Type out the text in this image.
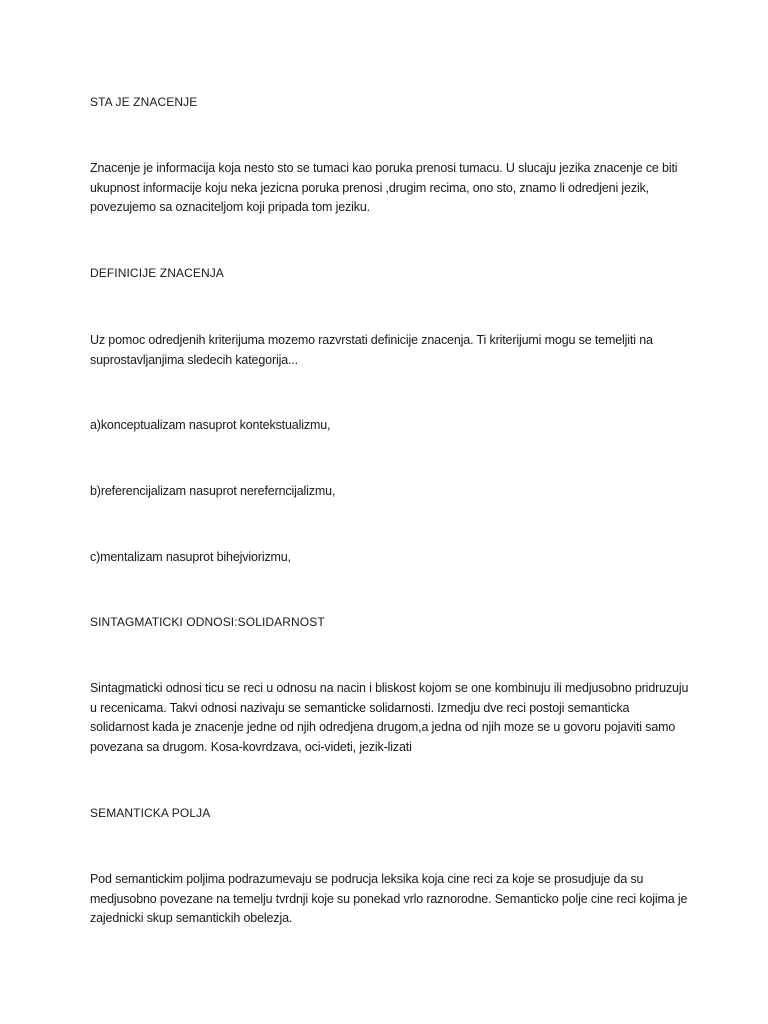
STA JE ZNACENJE

Znacenje je informacija koja nesto sto se tumaci kao poruka prenosi tumacu. U slucaju jezika znacenje ce biti ukupnost informacije koju neka jezicna poruka prenosi ,drugim recima, ono sto, znamo li odredjeni jezik, povezujemo sa oznaciteljom koji pripada tom jeziku.

DEFINICIJE ZNACENJA

Uz pomoc odredjenih kriterijuma mozemo razvrstati definicije znacenja. Ti kriterijumi mogu se temeljiti na suprostavljanjima sledecih kategorija...

a)konceptualizam nasuprot kontekstualizmu,

b)referencijalizam nasuprot nereferncijalizmu,

c)mentalizam nasuprot bihejviorizmu,

SINTAGMATICKI ODNOSI:SOLIDARNOST

Sintagmaticki odnosi ticu se reci u odnosu na nacin i bliskost kojom se one kombinuju ili medjusobno pridruzuju u recenicama. Takvi odnosi nazivaju se semanticke solidarnosti. Izmedju dve reci postoji semanticka solidarnost kada je znacenje jedne od njih odredjena drugom,a jedna od njih moze se u govoru pojaviti samo povezana sa drugom. Kosa-kovrdzava, oci-videti, jezik-lizati

SEMANTICKA POLJA

Pod semantickim poljima podrazumevaju se podrucja leksika koja cine reci za koje se prosudjuje da su medjusobno povezane na temelju tvrdnji koje su ponekad vrlo raznorodne. Semanticko polje cine reci kojima je zajednicki skup semantickih obelezja.
